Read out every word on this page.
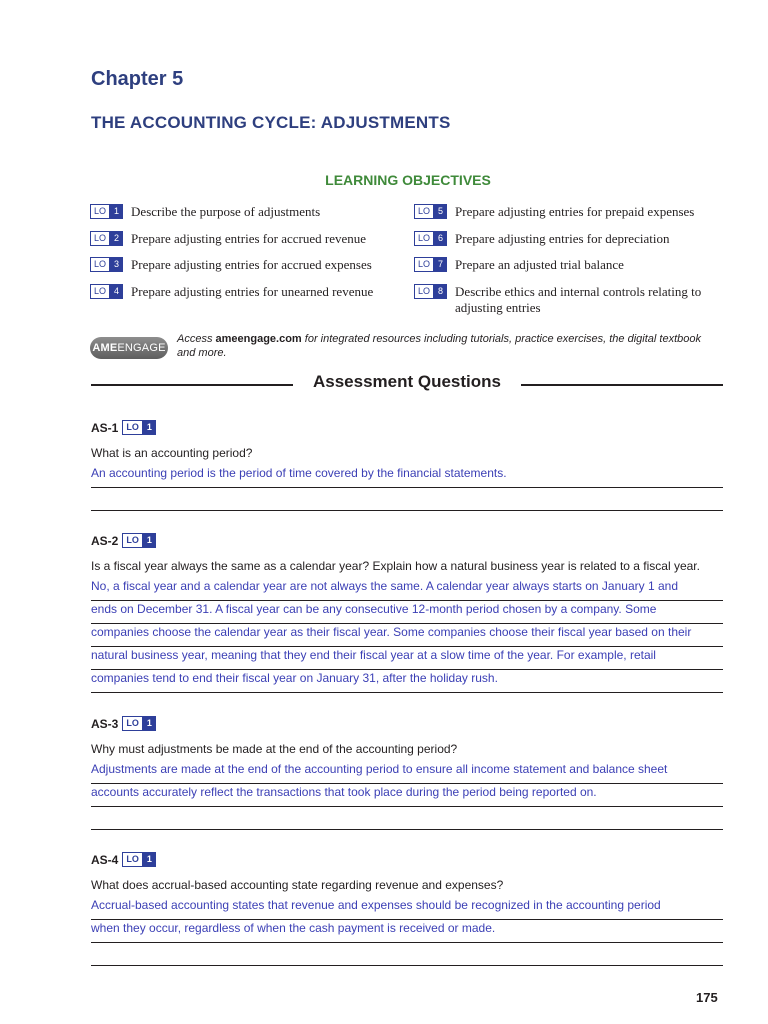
Chapter 5
THE ACCOUNTING CYCLE: ADJUSTMENTS
LEARNING OBJECTIVES
LO 1 Describe the purpose of adjustments
LO 2 Prepare adjusting entries for accrued revenue
LO 3 Prepare adjusting entries for accrued expenses
LO 4 Prepare adjusting entries for unearned revenue
LO 5 Prepare adjusting entries for prepaid expenses
LO 6 Prepare adjusting entries for depreciation
LO 7 Prepare an adjusted trial balance
LO 8 Describe ethics and internal controls relating to adjusting entries
AME ENGAGE
Access ameengage.com for integrated resources including tutorials, practice exercises, the digital textbook and more.
Assessment Questions
AS-1 LO 1
What is an accounting period?
An accounting period is the period of time covered by the financial statements.
AS-2 LO 1
Is a fiscal year always the same as a calendar year? Explain how a natural business year is related to a fiscal year.
No, a fiscal year and a calendar year are not always the same. A calendar year always starts on January 1 and
ends on December 31. A fiscal year can be any consecutive 12-month period chosen by a company. Some
companies choose the calendar year as their fiscal year. Some companies choose their fiscal year based on their
natural business year, meaning that they end their fiscal year at a slow time of the year. For example, retail
companies tend to end their fiscal year on January 31, after the holiday rush.
AS-3 LO 1
Why must adjustments be made at the end of the accounting period?
Adjustments are made at the end of the accounting period to ensure all income statement and balance sheet
accounts accurately reflect the transactions that took place during the period being reported on.
AS-4 LO 1
What does accrual-based accounting state regarding revenue and expenses?
Accrual-based accounting states that revenue and expenses should be recognized in the accounting period
when they occur, regardless of when the cash payment is received or made.
175
